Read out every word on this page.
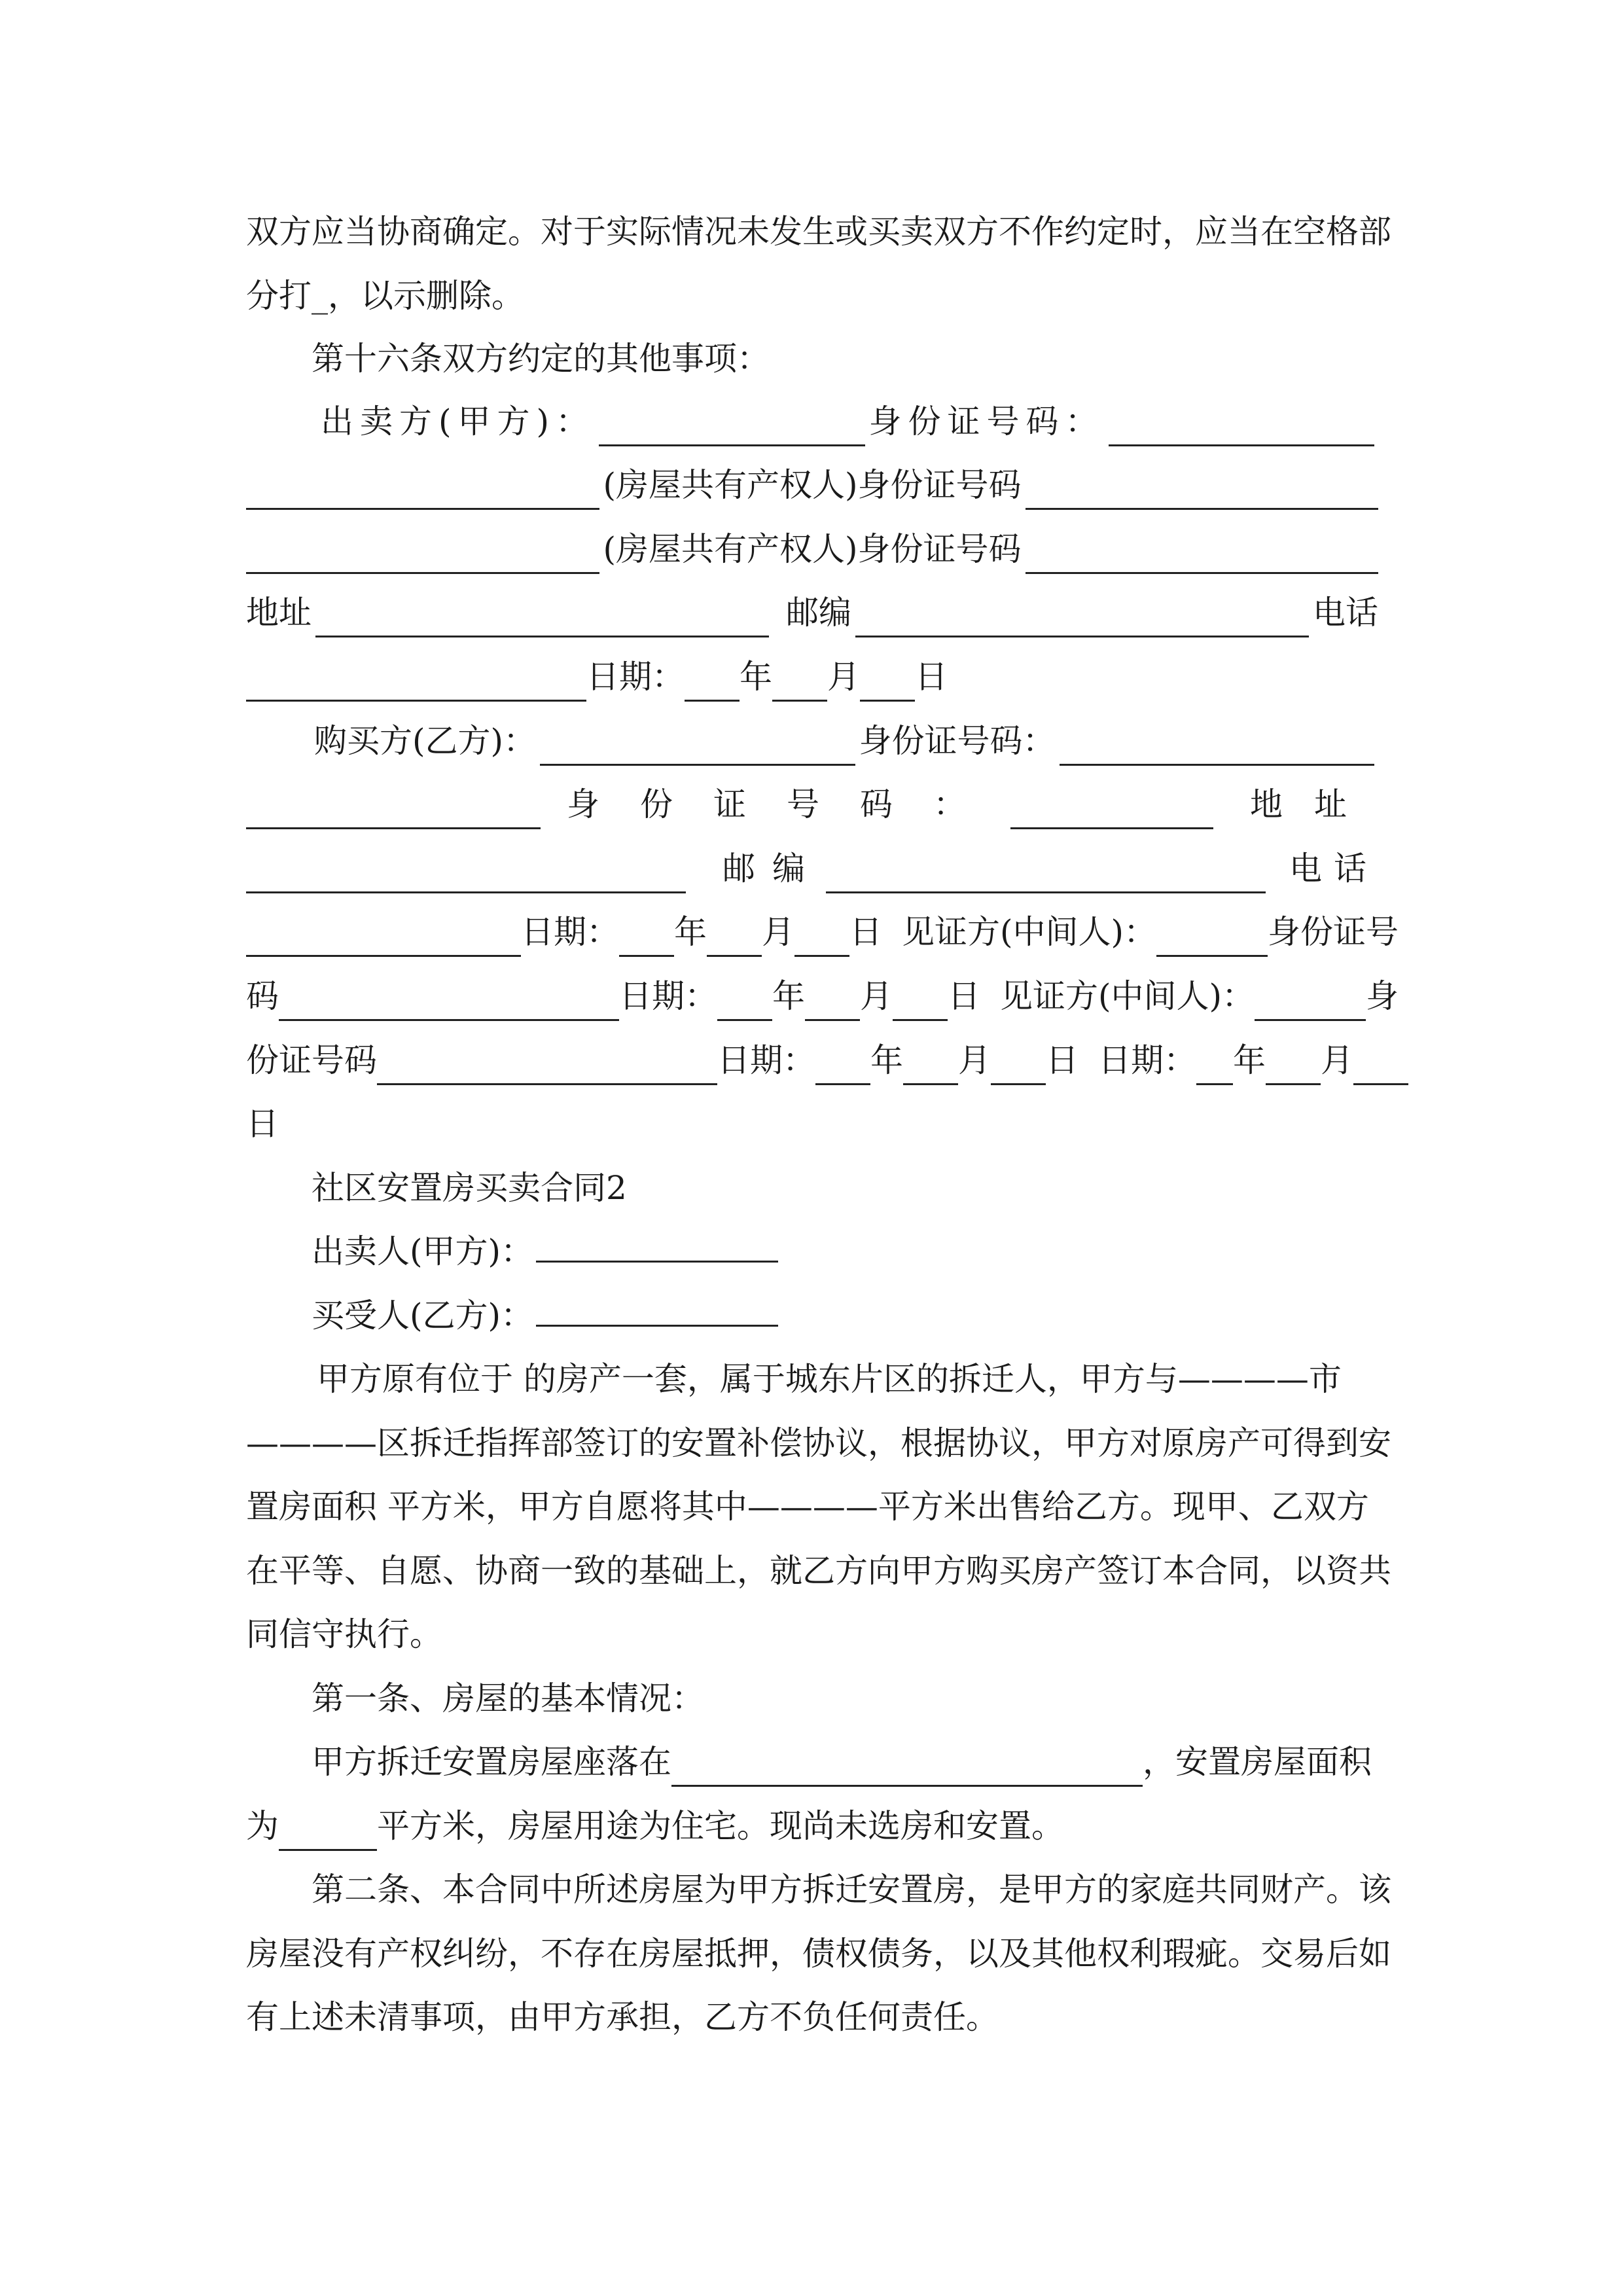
双方应当协商确定。对于实际情况未发生或买卖双方不作约定时，应当在空格部
分打_，以示删除。
第十六条双方约定的其他事项：
出卖方(甲方)：	身份证号码：
(房屋共有产权人)身份证号码
(房屋共有产权人)身份证号码
地址	邮编	电话
日期： 年 月 日
购买方(乙方)：	身份证号码：
身份证号码：	地址
邮编	电话
日期： 年 月 日 见证方(中间人)：	身份证号
码	日期： 年 月 日 见证方(中间人)：	身
份证号码	日期： 年 月 日 日期： 年 月
日
社区安置房买卖合同2
出卖人(甲方)：
买受人(乙方)：
甲方原有位于 的房产一套，属于城东片区的拆迁人，甲方与————市
————区拆迁指挥部签订的安置补偿协议，根据协议，甲方对原房产可得到安
置房面积 平方米，甲方自愿将其中————平方米出售给乙方。现甲、乙双方
在平等、自愿、协商一致的基础上，就乙方向甲方购买房产签订本合同，以资共
同信守执行。
第一条、房屋的基本情况：
甲方拆迁安置房屋座落在	，安置房屋面积
为	平方米，房屋用途为住宅。现尚未选房和安置。
第二条、本合同中所述房屋为甲方拆迁安置房，是甲方的家庭共同财产。该
房屋没有产权纠纷，不存在房屋抵押，债权债务，以及其他权利瑕疵。交易后如
有上述未清事项，由甲方承担，乙方不负任何责任。
